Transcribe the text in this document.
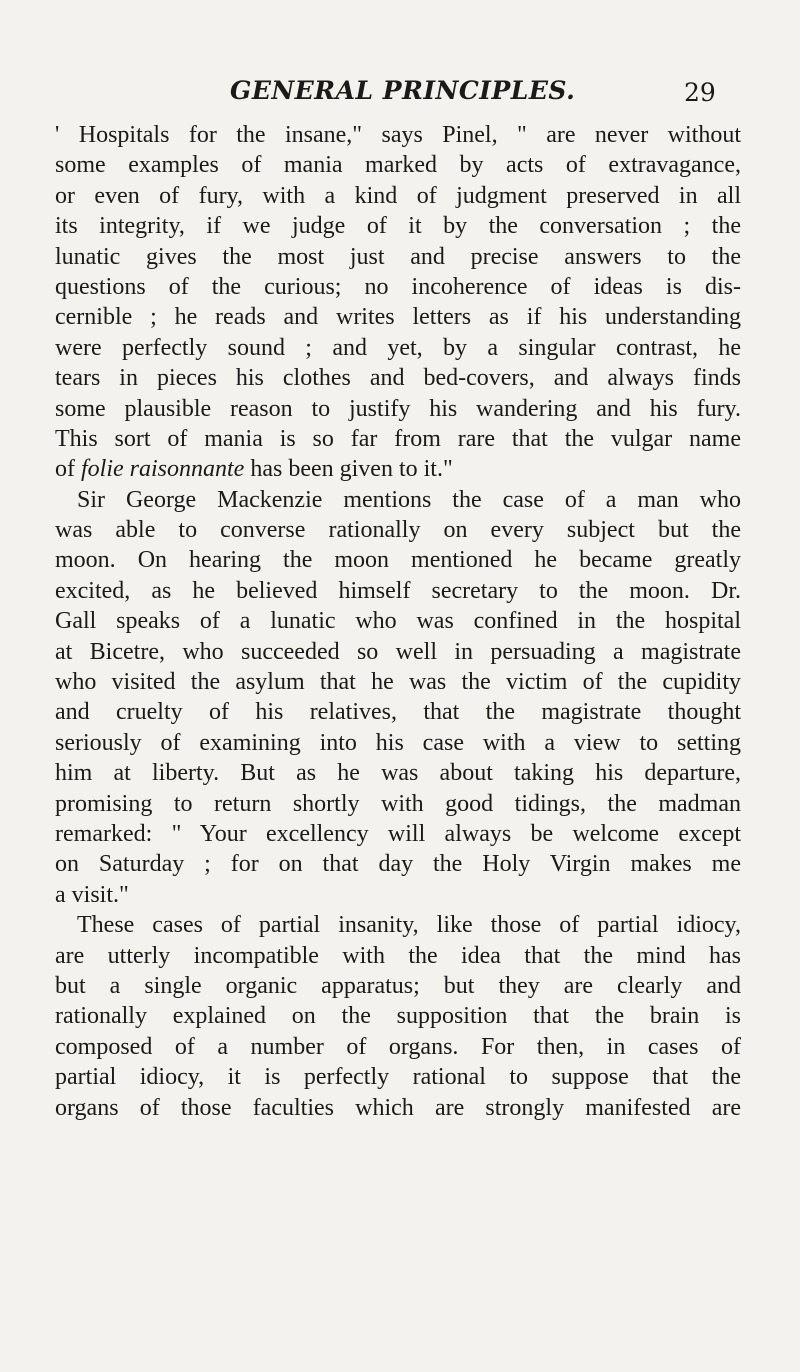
GENERAL PRINCIPLES.	29
' Hospitals for the insane," says Pinel, " are never without
some examples of mania marked by acts of extravagance,
or even of fury, with a kind of judgment preserved in all
its integrity, if we judge of it by the conversation ; the
lunatic gives the most just and precise answers to the
questions of the curious; no incoherence of ideas is dis-
cernible ; he reads and writes letters as if his understanding
were perfectly sound ; and yet, by a singular contrast, he
tears in pieces his clothes and bed-covers, and always finds
some plausible reason to justify his wandering and his fury.
This sort of mania is so far from rare that the vulgar name
of folie raisonnante has been given to it."
Sir George Mackenzie mentions the case of a man who
was able to converse rationally on every subject but the
moon. On hearing the moon mentioned he became greatly
excited, as he believed himself secretary to the moon. Dr.
Gall speaks of a lunatic who was confined in the hospital
at Bicetre, who succeeded so well in persuading a magistrate
who visited the asylum that he was the victim of the cupidity
and cruelty of his relatives, that the magistrate thought
seriously of examining into his case with a view to setting
him at liberty. But as he was about taking his departure,
promising to return shortly with good tidings, the madman
remarked: " Your excellency will always be welcome except
on Saturday ; for on that day the Holy Virgin makes me
a visit."
These cases of partial insanity, like those of partial idiocy,
are utterly incompatible with the idea that the mind has
but a single organic apparatus; but they are clearly and
rationally explained on the supposition that the brain is
composed of a number of organs. For then, in cases of
partial idiocy, it is perfectly rational to suppose that the
organs of those faculties which are strongly manifested are
